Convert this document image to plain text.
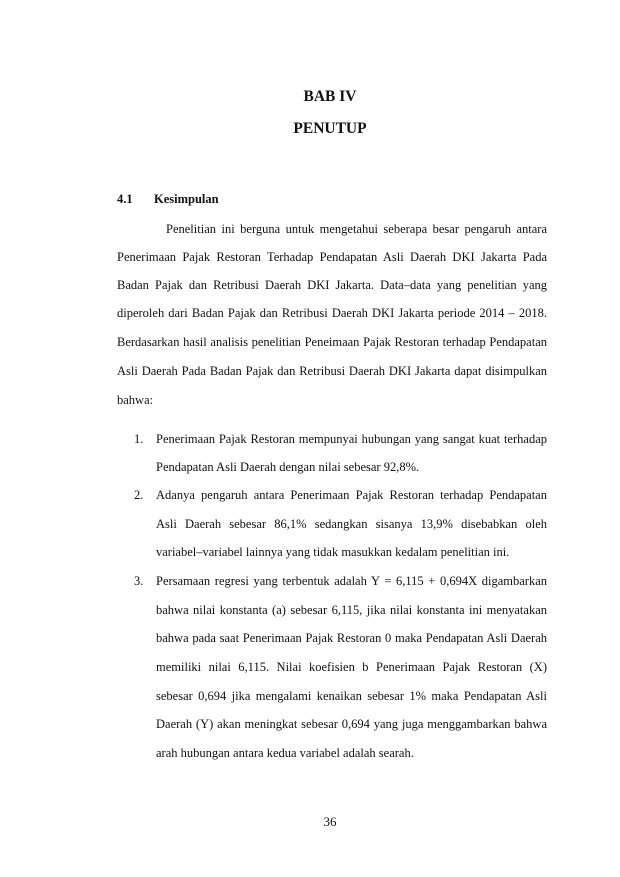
BAB IV
PENUTUP
4.1 Kesimpulan
Penelitian ini berguna untuk mengetahui seberapa besar pengaruh antara
Penerimaan Pajak Restoran Terhadap Pendapatan Asli Daerah DKI Jakarta Pada
Badan Pajak dan Retribusi Daerah DKI Jakarta. Data–data yang penelitian yang
diperoleh dari Badan Pajak dan Retribusi Daerah DKI Jakarta periode 2014 – 2018.
Berdasarkan hasil analisis penelitian Peneimaan Pajak Restoran terhadap Pendapatan
Asli Daerah Pada Badan Pajak dan Retribusi Daerah DKI Jakarta dapat disimpulkan
bahwa:
1. Penerimaan Pajak Restoran mempunyai hubungan yang sangat kuat terhadap
Pendapatan Asli Daerah dengan nilai sebesar 92,8%.
2. Adanya pengaruh antara Penerimaan Pajak Restoran terhadap Pendapatan
Asli Daerah sebesar 86,1% sedangkan sisanya 13,9% disebabkan oleh
variabel–variabel lainnya yang tidak masukkan kedalam penelitian ini.
3. Persamaan regresi yang terbentuk adalah Y = 6,115 + 0,694X digambarkan
bahwa nilai konstanta (a) sebesar 6,115, jika nilai konstanta ini menyatakan
bahwa pada saat Penerimaan Pajak Restoran 0 maka Pendapatan Asli Daerah
memiliki nilai 6,115. Nilai koefisien b Penerimaan Pajak Restoran (X)
sebesar 0,694 jika mengalami kenaikan sebesar 1% maka Pendapatan Asli
Daerah (Y) akan meningkat sebesar 0,694 yang juga menggambarkan bahwa
arah hubungan antara kedua variabel adalah searah.
36
